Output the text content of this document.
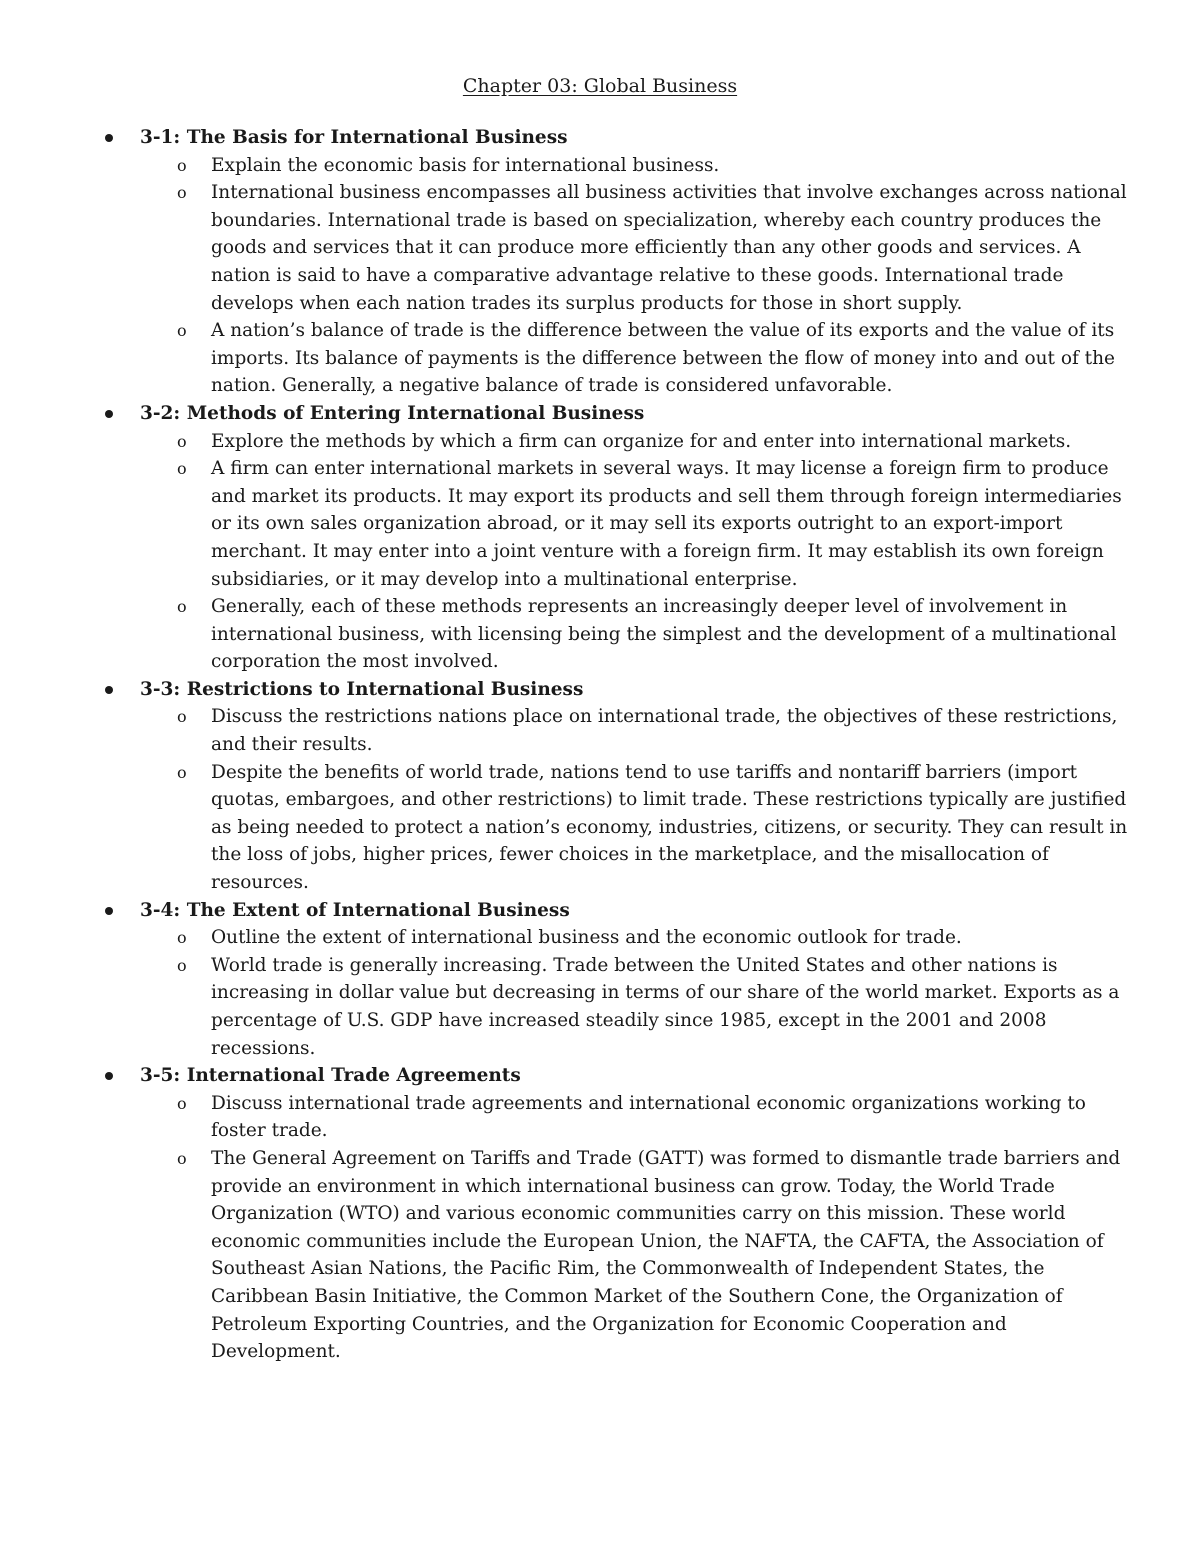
Chapter 03: Global Business
3-1: The Basis for International Business
o Explain the economic basis for international business.
o International business encompasses all business activities that involve exchanges across national boundaries. International trade is based on specialization, whereby each country produces the goods and services that it can produce more efficiently than any other goods and services. A nation is said to have a comparative advantage relative to these goods. International trade develops when each nation trades its surplus products for those in short supply.
o A nation’s balance of trade is the difference between the value of its exports and the value of its imports. Its balance of payments is the difference between the flow of money into and out of the nation. Generally, a negative balance of trade is considered unfavorable.
3-2: Methods of Entering International Business
o Explore the methods by which a firm can organize for and enter into international markets.
o A firm can enter international markets in several ways. It may license a foreign firm to produce and market its products. It may export its products and sell them through foreign intermediaries or its own sales organization abroad, or it may sell its exports outright to an export-import merchant. It may enter into a joint venture with a foreign firm. It may establish its own foreign subsidiaries, or it may develop into a multinational enterprise.
o Generally, each of these methods represents an increasingly deeper level of involvement in international business, with licensing being the simplest and the development of a multinational corporation the most involved.
3-3: Restrictions to International Business
o Discuss the restrictions nations place on international trade, the objectives of these restrictions, and their results.
o Despite the benefits of world trade, nations tend to use tariffs and nontariff barriers (import quotas, embargoes, and other restrictions) to limit trade. These restrictions typically are justified as being needed to protect a nation’s economy, industries, citizens, or security. They can result in the loss of jobs, higher prices, fewer choices in the marketplace, and the misallocation of resources.
3-4: The Extent of International Business
o Outline the extent of international business and the economic outlook for trade.
o World trade is generally increasing. Trade between the United States and other nations is increasing in dollar value but decreasing in terms of our share of the world market. Exports as a percentage of U.S. GDP have increased steadily since 1985, except in the 2001 and 2008 recessions.
3-5: International Trade Agreements
o Discuss international trade agreements and international economic organizations working to foster trade.
o The General Agreement on Tariffs and Trade (GATT) was formed to dismantle trade barriers and provide an environment in which international business can grow. Today, the World Trade Organization (WTO) and various economic communities carry on this mission. These world economic communities include the European Union, the NAFTA, the CAFTA, the Association of Southeast Asian Nations, the Pacific Rim, the Commonwealth of Independent States, the Caribbean Basin Initiative, the Common Market of the Southern Cone, the Organization of Petroleum Exporting Countries, and the Organization for Economic Cooperation and Development.
